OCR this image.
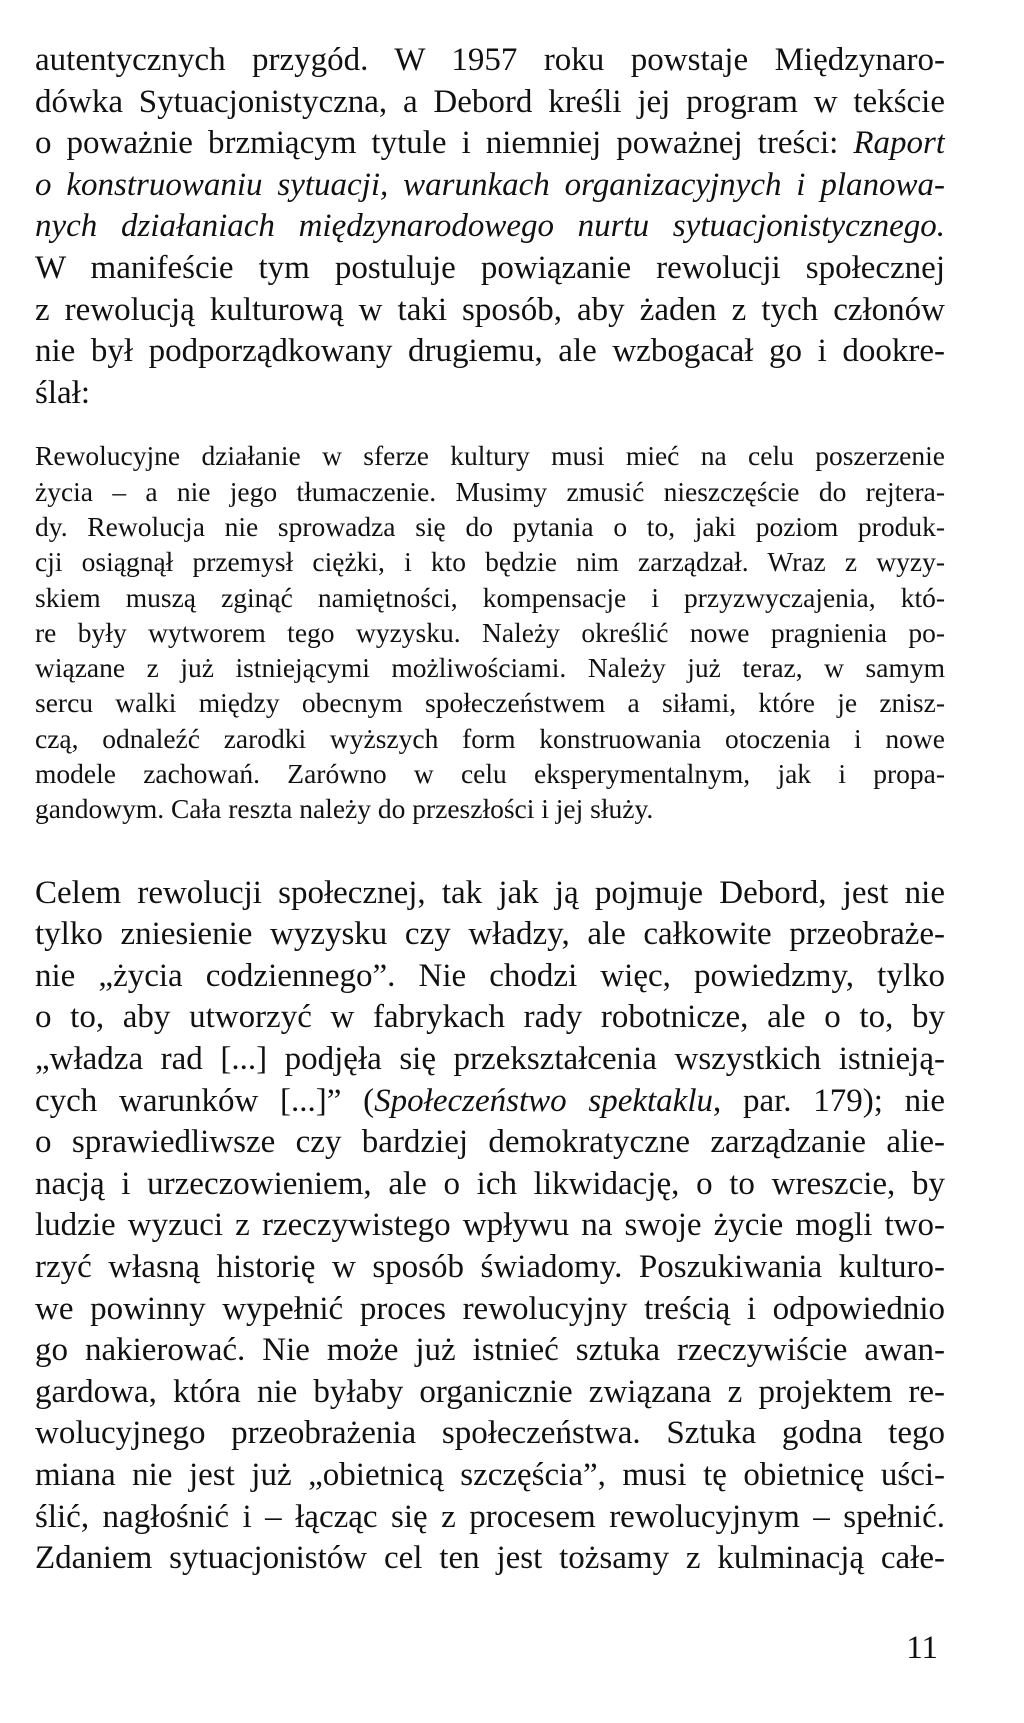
autentycznych przygód. W 1957 roku powstaje Międzynaro-
dówka Sytuacjonistyczna, a Debord kreśli jej program w tekście
o poważnie brzmiącym tytule i niemniej poważnej treści: Raport
o konstruowaniu sytuacji, warunkach organizacyjnych i planowa-
nych działaniach międzynarodowego nurtu sytuacjonistycznego.
W manifeście tym postuluje powiązanie rewolucji społecznej
z rewolucją kulturową w taki sposób, aby żaden z tych członów
nie był podporządkowany drugiemu, ale wzbogacał go i dookre-
ślał:
Rewolucyjne działanie w sferze kultury musi mieć na celu poszerzenie
życia – a nie jego tłumaczenie. Musimy zmusić nieszczęście do rejtera-
dy. Rewolucja nie sprowadza się do pytania o to, jaki poziom produk-
cji osiągnął przemysł ciężki, i kto będzie nim zarządzał. Wraz z wyzy-
skiem muszą zginąć namiętności, kompensacje i przyzwyczajenia, któ-
re były wytworem tego wyzysku. Należy określić nowe pragnienia po-
wiązane z już istniejącymi możliwościami. Należy już teraz, w samym
sercu walki między obecnym społeczeństwem a siłami, które je znisz-
czą, odnaleźć zarodki wyższych form konstruowania otoczenia i nowe
modele zachowań. Zarówno w celu eksperymentalnym, jak i propa-
gandowym. Cała reszta należy do przeszłości i jej służy.
Celem rewolucji społecznej, tak jak ją pojmuje Debord, jest nie
tylko zniesienie wyzysku czy władzy, ale całkowite przeobraże-
nie „życia codziennego”. Nie chodzi więc, powiedzmy, tylko
o to, aby utworzyć w fabrykach rady robotnicze, ale o to, by
„władza rad [...] podjęła się przekształcenia wszystkich istnieją-
cych warunków [...]” (Społeczeństwo spektaklu, par. 179); nie
o sprawiedliwsze czy bardziej demokratyczne zarządzanie alie-
nacją i urzeczowieniem, ale o ich likwidację, o to wreszcie, by
ludzie wyzuci z rzeczywistego wpływu na swoje życie mogli two-
rzyć własną historię w sposób świadomy. Poszukiwania kulturo-
we powinny wypełnić proces rewolucyjny treścią i odpowiednio
go nakierować. Nie może już istnieć sztuka rzeczywiście awan-
gardowa, która nie byłaby organicznie związana z projektem re-
wolucyjnego przeobrażenia społeczeństwa. Sztuka godna tego
miana nie jest już „obietnicą szczęścia”, musi tę obietnicę uści-
ślić, nagłośnić i – łącząc się z procesem rewolucyjnym – spełnić.
Zdaniem sytuacjonistów cel ten jest tożsamy z kulminacją całe-
11
